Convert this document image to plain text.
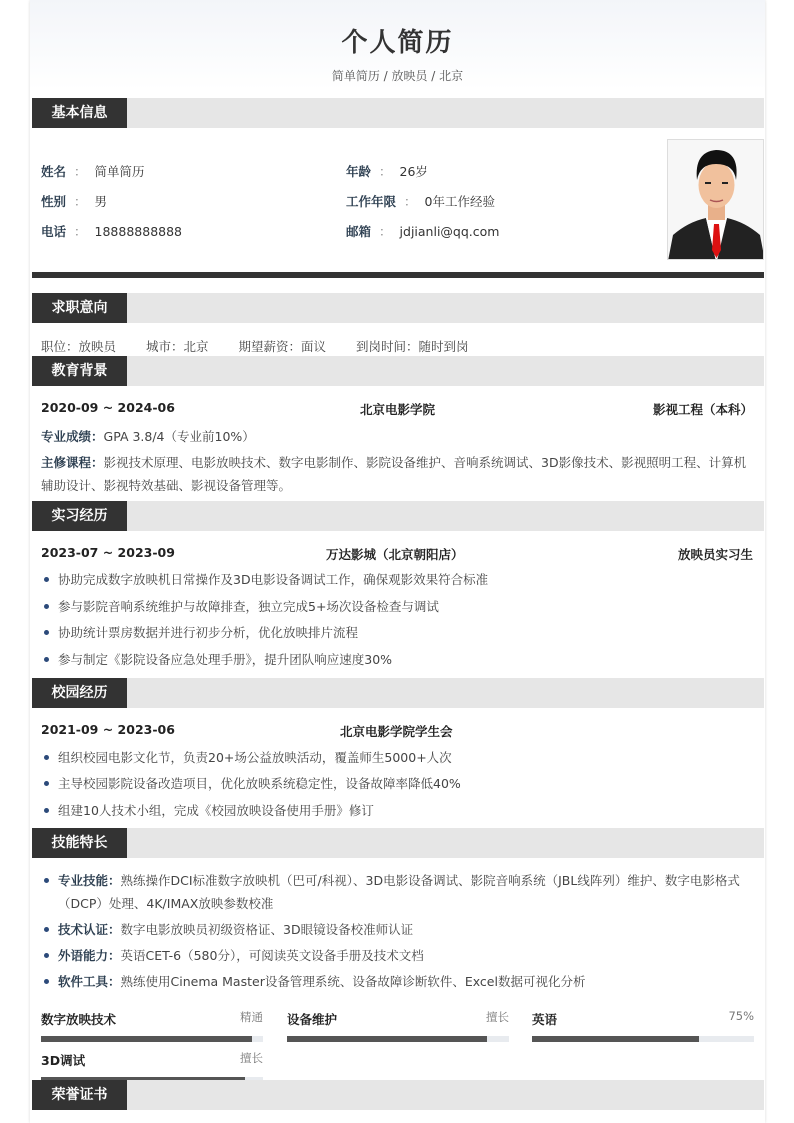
个人简历
简单简历 / 放映员 / 北京
基本信息
姓名 ： 简单简历
性别 ： 男
电话 ： 18888888888
年龄 ： 26岁
工作年限 ： 0年工作经验
邮箱 ： jdjianli@qq.com
求职意向
职位：放映员 城市：北京 期望薪资：面议 到岗时间：随时到岗
教育背景
2020-09 ~ 2024-06	北京电影学院	影视工程（本科）
专业成绩：GPA 3.8/4（专业前10%）
主修课程：影视技术原理、电影放映技术、数字电影制作、影院设备维护、音响系统调试、3D影像技术、影视照明工程、计算机辅助设计、影视特效基础、影视设备管理等。
实习经历
2023-07 ~ 2023-09	万达影城（北京朝阳店）	放映员实习生
协助完成数字放映机日常操作及3D电影设备调试工作，确保观影效果符合标准
参与影院音响系统维护与故障排查，独立完成5+场次设备检查与调试
协助统计票房数据并进行初步分析，优化放映排片流程
参与制定《影院设备应急处理手册》，提升团队响应速度30%
校园经历
2021-09 ~ 2023-06	北京电影学院学生会
组织校园电影文化节，负责20+场公益放映活动，覆盖师生5000+人次
主导校园影院设备改造项目，优化放映系统稳定性，设备故障率降低40%
组建10人技术小组，完成《校园放映设备使用手册》修订
技能特长
专业技能：熟练操作DCI标准数字放映机（巴可/科视）、3D电影设备调试、影院音响系统（JBL线阵列）维护、数字电影格式（DCP）处理、4K/IMAX放映参数校准
技术认证：数字电影放映员初级资格证、3D眼镜设备校准师认证
外语能力：英语CET-6（580分），可阅读英文设备手册及技术文档
软件工具：熟练使用Cinema Master设备管理系统、设备故障诊断软件、Excel数据可视化分析
数字放映技术	精通 设备维护	擅长 英语	75%
3D调试	擅长
荣誉证书
